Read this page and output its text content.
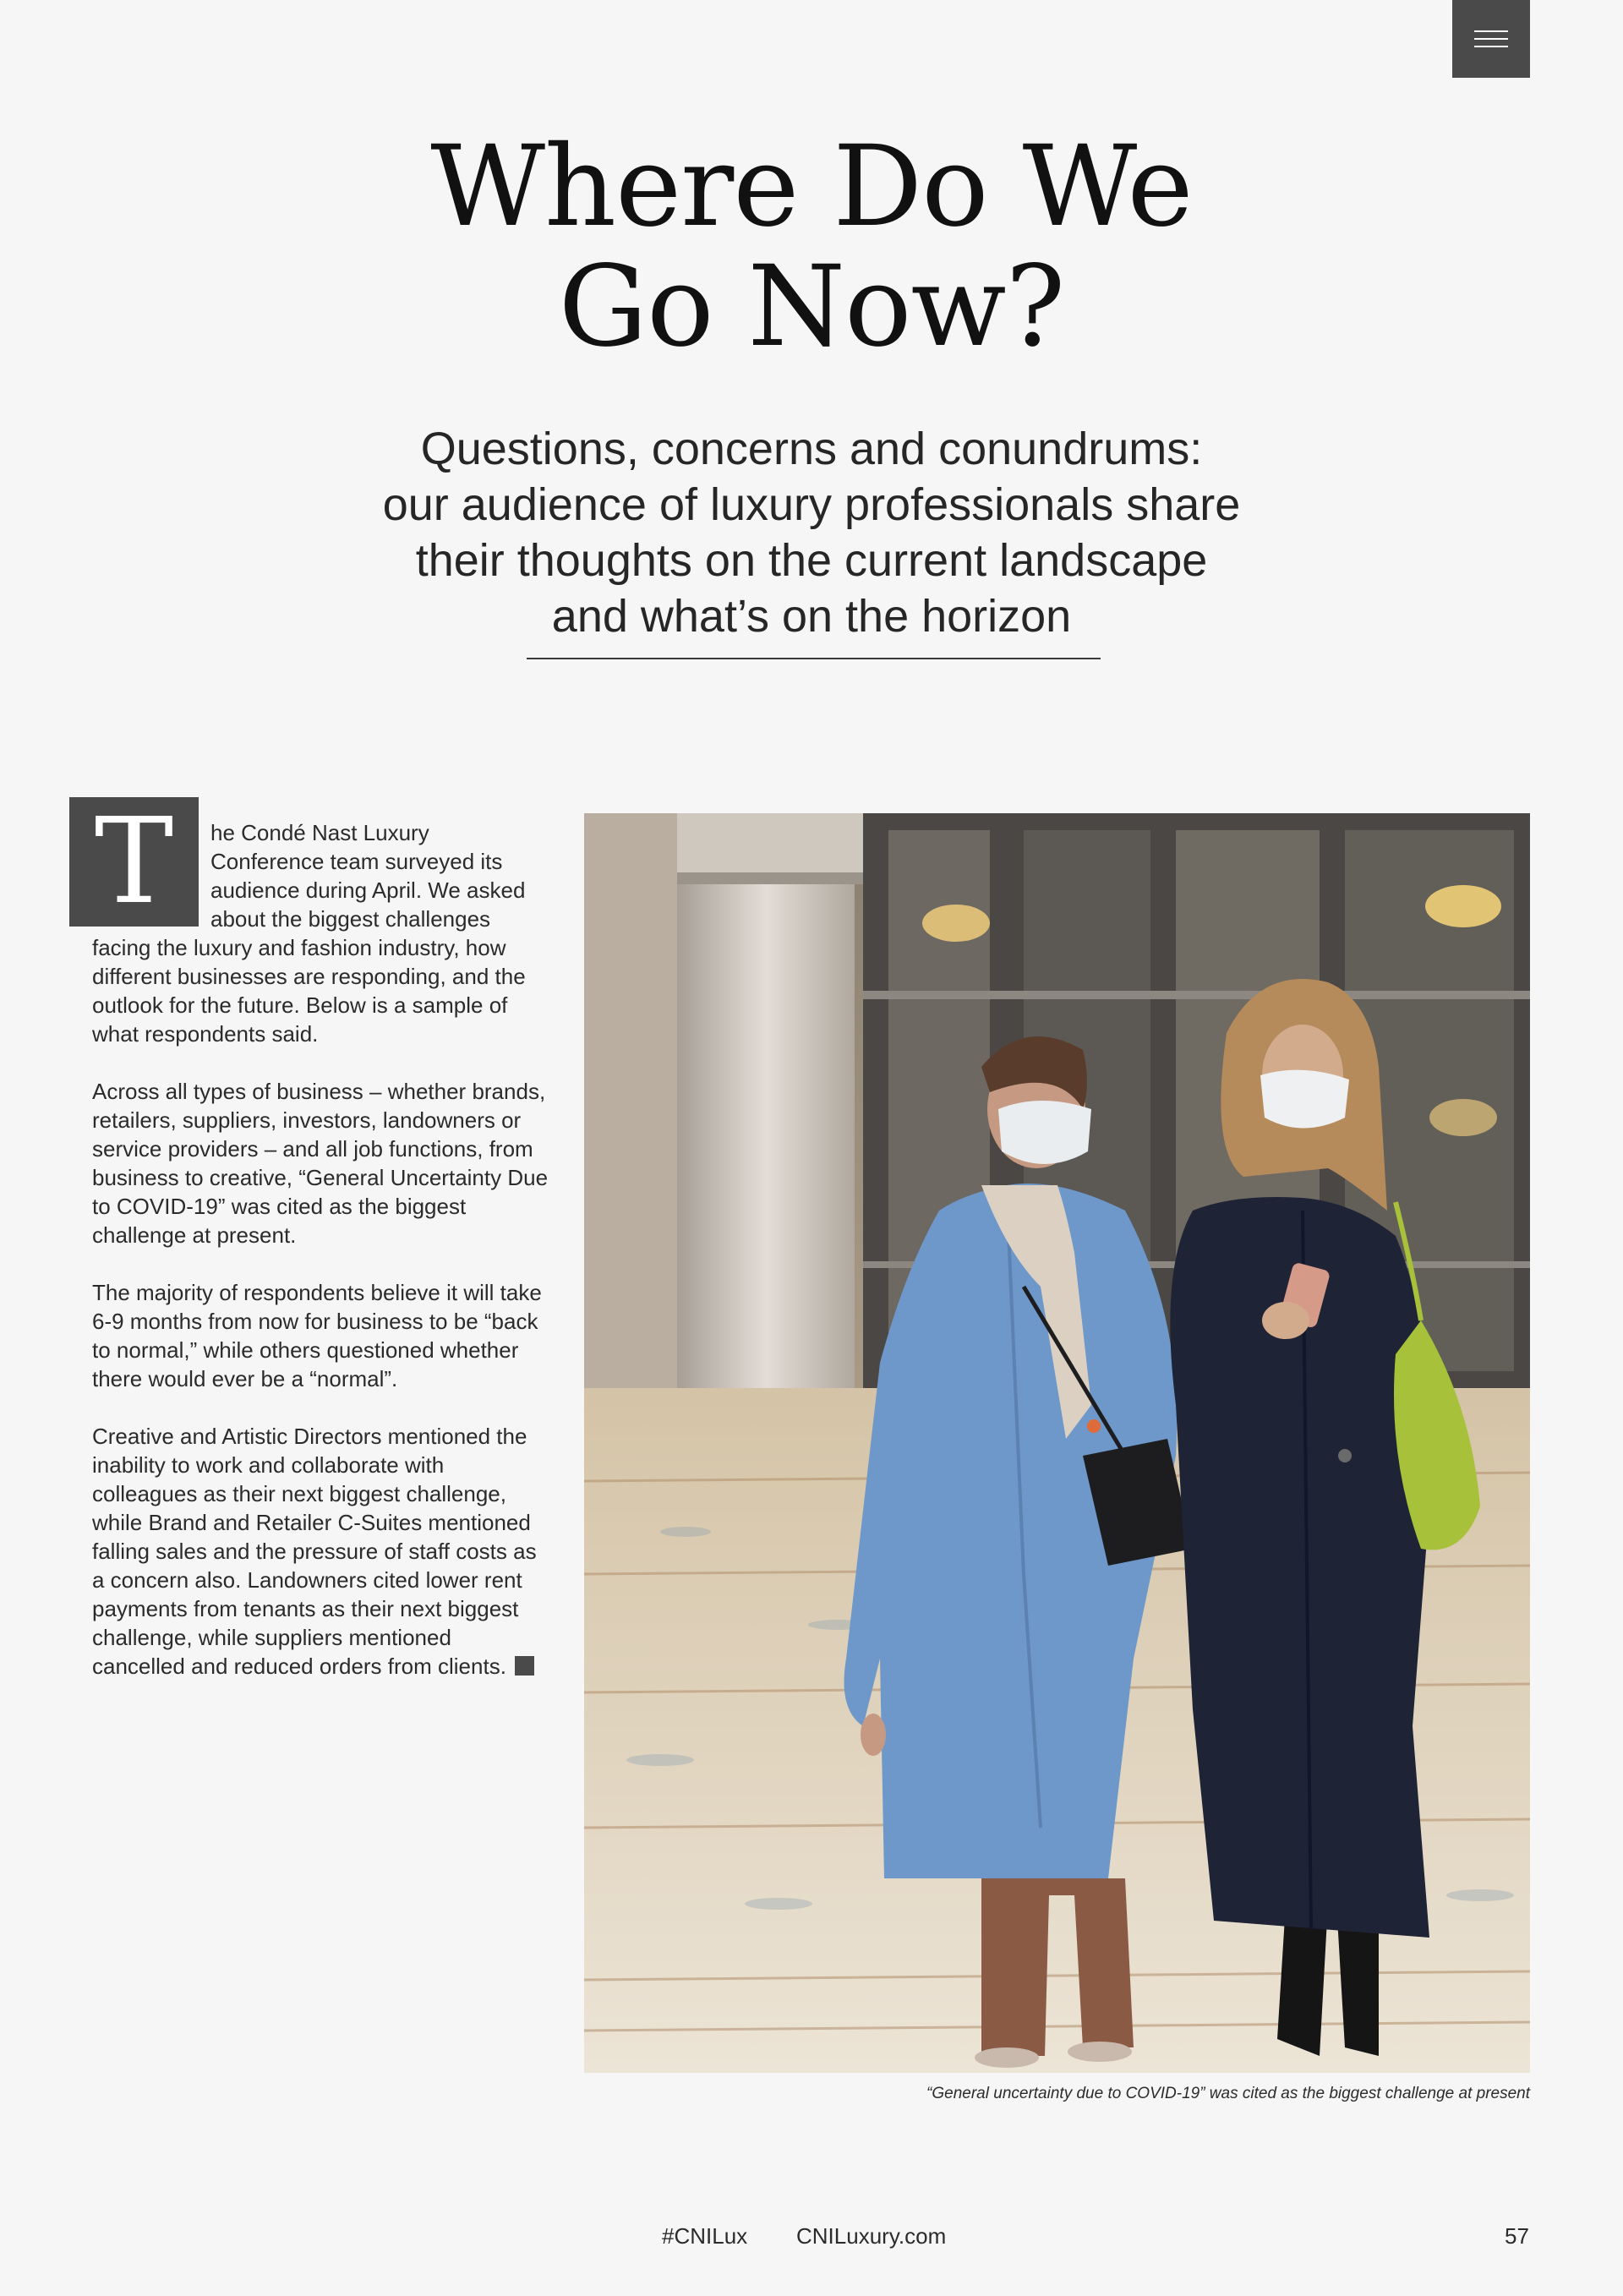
Where Do We
Go Now?
Questions, concerns and conundrums:
our audience of luxury professionals share
their thoughts on the current landscape
and what’s on the horizon

T	he Condé Nast Luxury Conference team surveyed its audience during April. We asked about the biggest challenges facing the luxury and fashion industry, how different businesses are responding, and the outlook for the future. Below is a sample of what respondents said.

Across all types of business – whether brands, retailers, suppliers, investors, landowners or service providers – and all job functions, from business to creative, “General Uncertainty Due to COVID-19” was cited as the biggest challenge at present.

The majority of respondents believe it will take 6-9 months from now for business to be “back to normal,” while others questioned whether there would ever be a “normal”.

Creative and Artistic Directors mentioned the inability to work and collaborate with colleagues as their next biggest challenge, while Brand and Retailer C-Suites mentioned falling sales and the pressure of staff costs as a concern also. Landowners cited lower rent payments from tenants as their next biggest challenge, while suppliers mentioned cancelled and reduced orders from clients.

“General uncertainty due to COVID-19” was cited as the biggest challenge at present
#CNILux CNILuxury.com	57
